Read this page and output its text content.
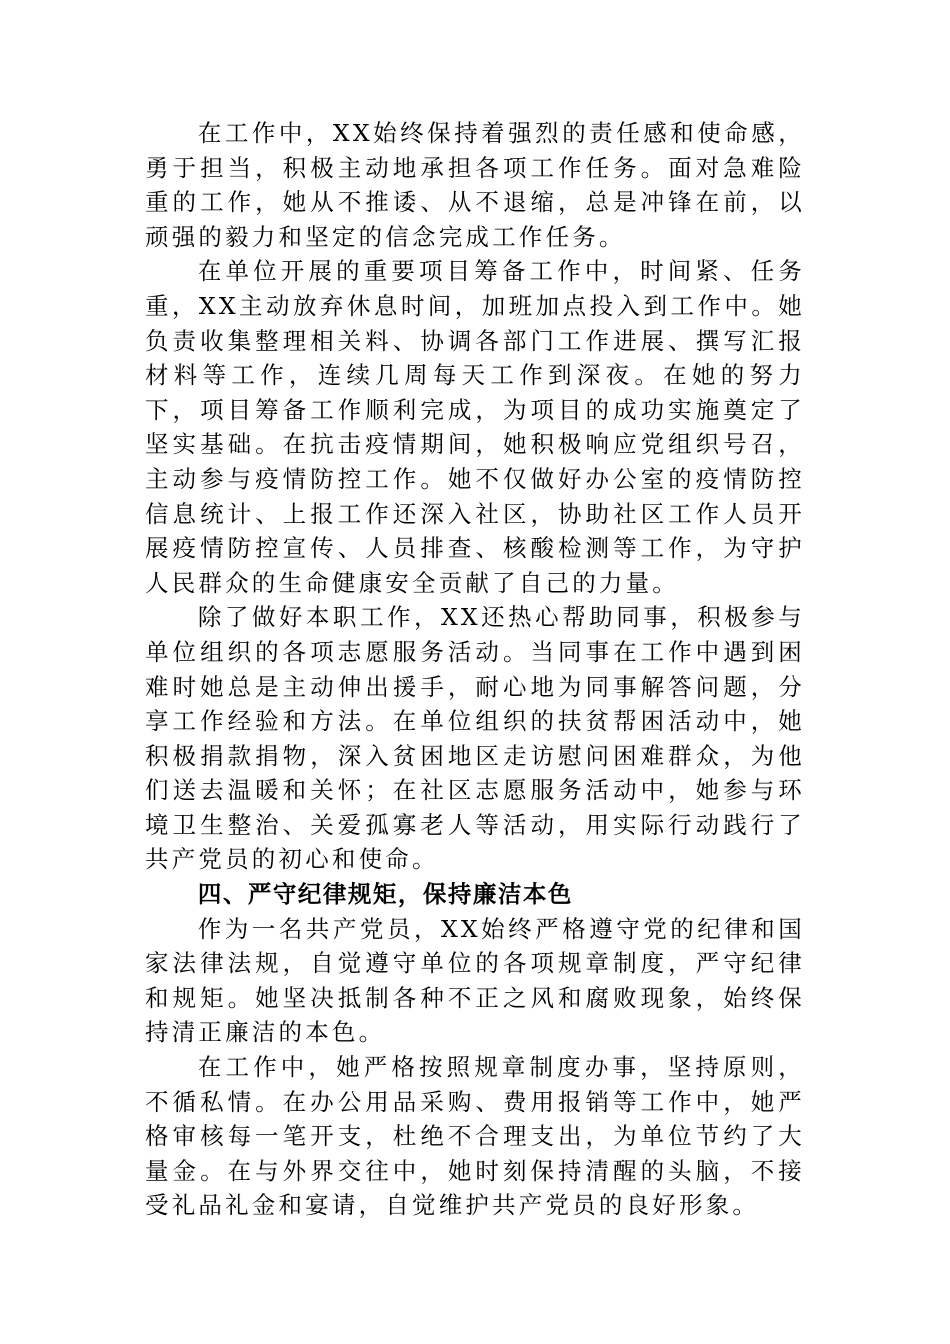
在工作中，XX始终保持着强烈的责任感和使命感，勇于担当，积极主动地承担各项工作任务。面对急难险重的工作，她从不推诿、从不退缩，总是冲锋在前，以顽强的毅力和坚定的信念完成工作任务。

在单位开展的重要项目筹备工作中，时间紧、任务重，XX主动放弃休息时间，加班加点投入到工作中。她负责收集整理相关料、协调各部门工作进展、撰写汇报材料等工作，连续几周每天工作到深夜。在她的努力下，项目筹备工作顺利完成，为项目的成功实施奠定了坚实基础。在抗击疫情期间，她积极响应党组织号召，主动参与疫情防控工作。她不仅做好办公室的疫情防控信息统计、上报工作还深入社区，协助社区工作人员开展疫情防控宣传、人员排查、核酸检测等工作，为守护人民群众的生命健康安全贡献了自己的力量。

除了做好本职工作，XX还热心帮助同事，积极参与单位组织的各项志愿服务活动。当同事在工作中遇到困难时她总是主动伸出援手，耐心地为同事解答问题，分享工作经验和方法。在单位组织的扶贫帮困活动中，她积极捐款捐物，深入贫困地区走访慰问困难群众，为他们送去温暖和关怀；在社区志愿服务活动中，她参与环境卫生整治、关爱孤寡老人等活动，用实际行动践行了共产党员的初心和使命。

四、严守纪律规矩，保持廉洁本色

作为一名共产党员，XX始终严格遵守党的纪律和国家法律法规，自觉遵守单位的各项规章制度，严守纪律和规矩。她坚决抵制各种不正之风和腐败现象，始终保持清正廉洁的本色。

在工作中，她严格按照规章制度办事，坚持原则，不循私情。在办公用品采购、费用报销等工作中，她严格审核每一笔开支，杜绝不合理支出，为单位节约了大量金。在与外界交往中，她时刻保持清醒的头脑，不接受礼品礼金和宴请，自觉维护共产党员的良好形象。
